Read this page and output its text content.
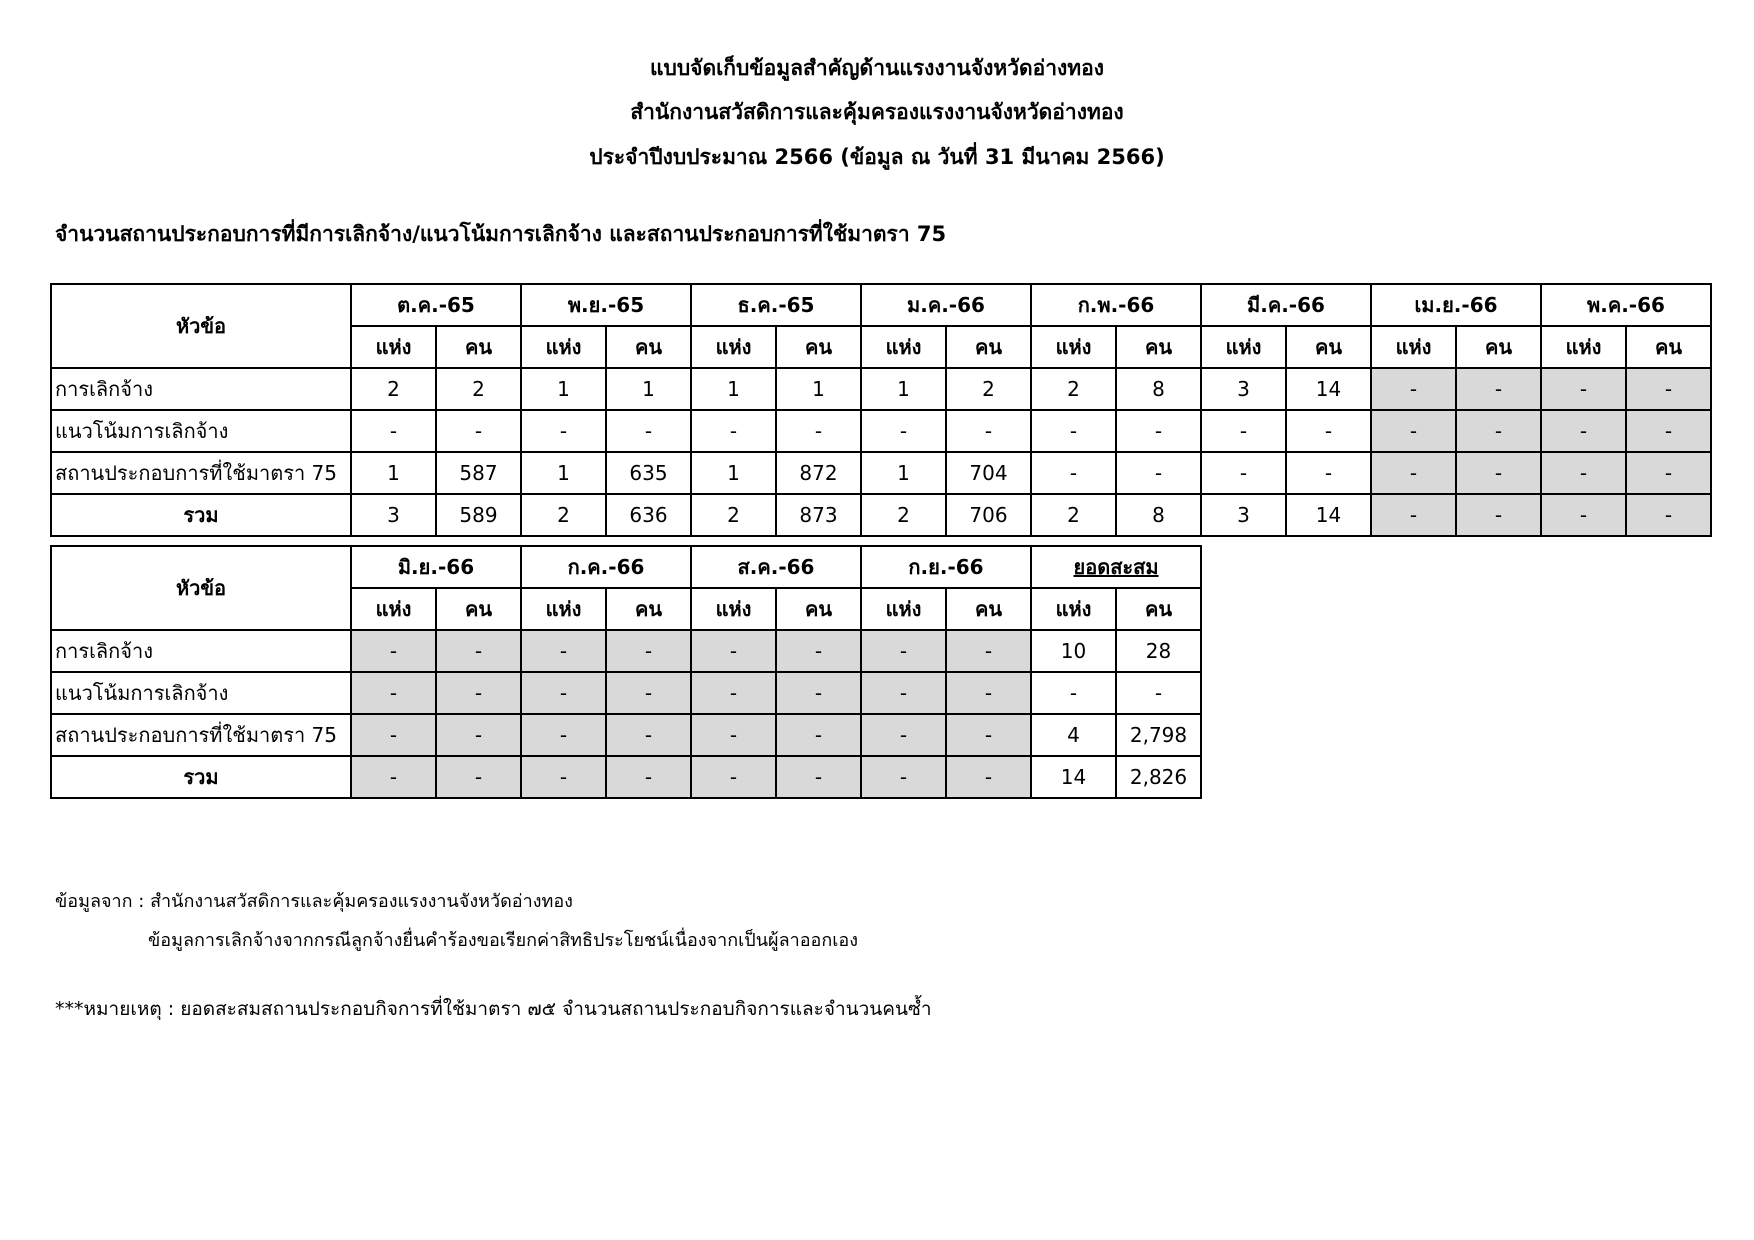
แบบจัดเก็บข้อมูลสำคัญด้านแรงงานจังหวัดอ่างทอง
สำนักงานสวัสดิการและคุ้มครองแรงงานจังหวัดอ่างทอง
ประจำปีงบประมาณ 2566 (ข้อมูล ณ วันที่ 31 มีนาคม 2566)
จำนวนสถานประกอบการที่มีการเลิกจ้าง/แนวโน้มการเลิกจ้าง และสถานประกอบการที่ใช้มาตรา 75
หัวข้อ	ต.ค.-65		พ.ย.-65		ธ.ค.-65		ม.ค.-66		ก.พ.-66		มี.ค.-66		เม.ย.-66		พ.ค.-66	
	แห่ง	คน	แห่ง	คน	แห่ง	คน	แห่ง	คน	แห่ง	คน	แห่ง	คน	แห่ง	คน	แห่ง	คน
การเลิกจ้าง	2	2	1	1	1	1	1	2	2	8	3	14	-	-	-	-
แนวโน้มการเลิกจ้าง	-	-	-	-	-	-	-	-	-	-	-	-	-	-	-	-
สถานประกอบการที่ใช้มาตรา 75	1	587	1	635	1	872	1	704	-	-	-	-	-	-	-	-
รวม	3	589	2	636	2	873	2	706	2	8	3	14	-	-	-	-
หัวข้อ	มิ.ย.-66		ก.ค.-66		ส.ค.-66		ก.ย.-66		ยอดสะสม	
	แห่ง	คน	แห่ง	คน	แห่ง	คน	แห่ง	คน	แห่ง	คน
การเลิกจ้าง	-	-	-	-	-	-	-	-	10	28
แนวโน้มการเลิกจ้าง	-	-	-	-	-	-	-	-	-	-
สถานประกอบการที่ใช้มาตรา 75	-	-	-	-	-	-	-	-	4	2,798
รวม	-	-	-	-	-	-	-	-	14	2,826
ข้อมูลจาก : สำนักงานสวัสดิการและคุ้มครองแรงงานจังหวัดอ่างทอง
ข้อมูลการเลิกจ้างจากกรณีลูกจ้างยื่นคำร้องขอเรียกค่าสิทธิประโยชน์เนื่องจากเป็นผู้ลาออกเอง
***หมายเหตุ : ยอดสะสมสถานประกอบกิจการที่ใช้มาตรา ๗๕ จำนวนสถานประกอบกิจการและจำนวนคนซ้ำ
